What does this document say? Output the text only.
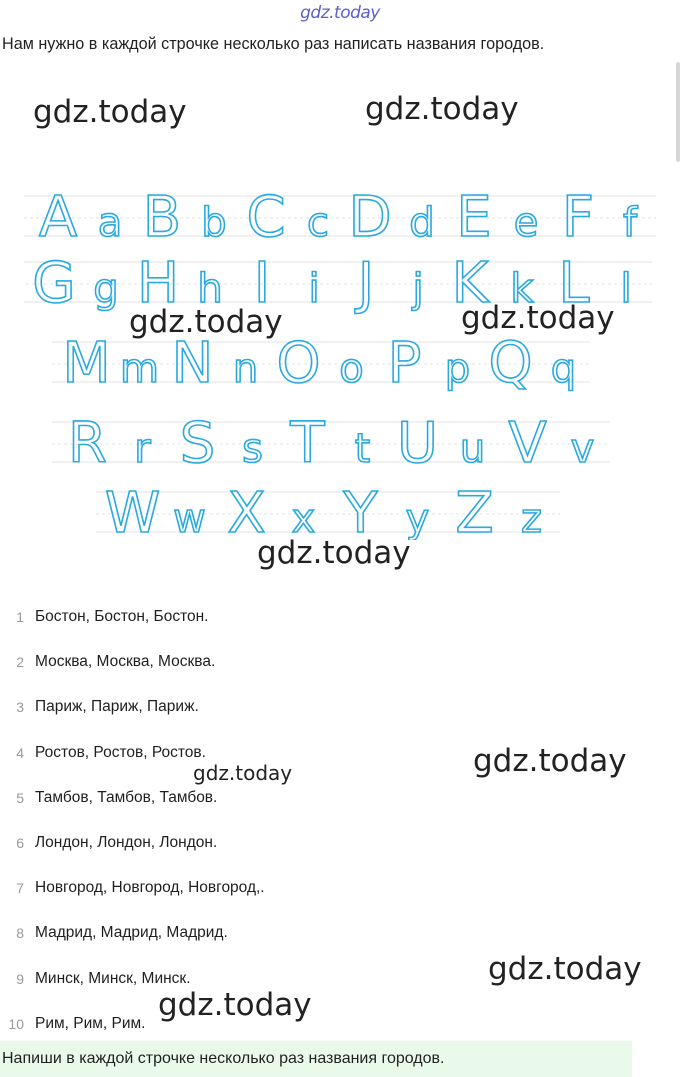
gdz.today
Нам нужно в каждой строчке несколько раз написать названия городов.
A a B b C c D d E e F f
G g H h I i J j K k L l
M m N n O o P p Q q
R r S s T t U u V v
W w X x Y y Z z
gdz.today	gdz.today
gdz.today	gdz.today
gdz.today
gdz.today	gdz.today
gdz.today
gdz.today
1 Бостон, Бостон, Бостон.
2 Москва, Москва, Москва.
3 Париж, Париж, Париж.
4 Ростов, Ростов, Ростов.
5 Тамбов, Тамбов, Тамбов.
6 Лондон, Лондон, Лондон.
7 Новгород, Новгород, Новгород,.
8 Мадрид, Мадрид, Мадрид.
9 Минск, Минск, Минск.
10 Рим, Рим, Рим.
Напиши в каждой строчке несколько раз названия городов.
